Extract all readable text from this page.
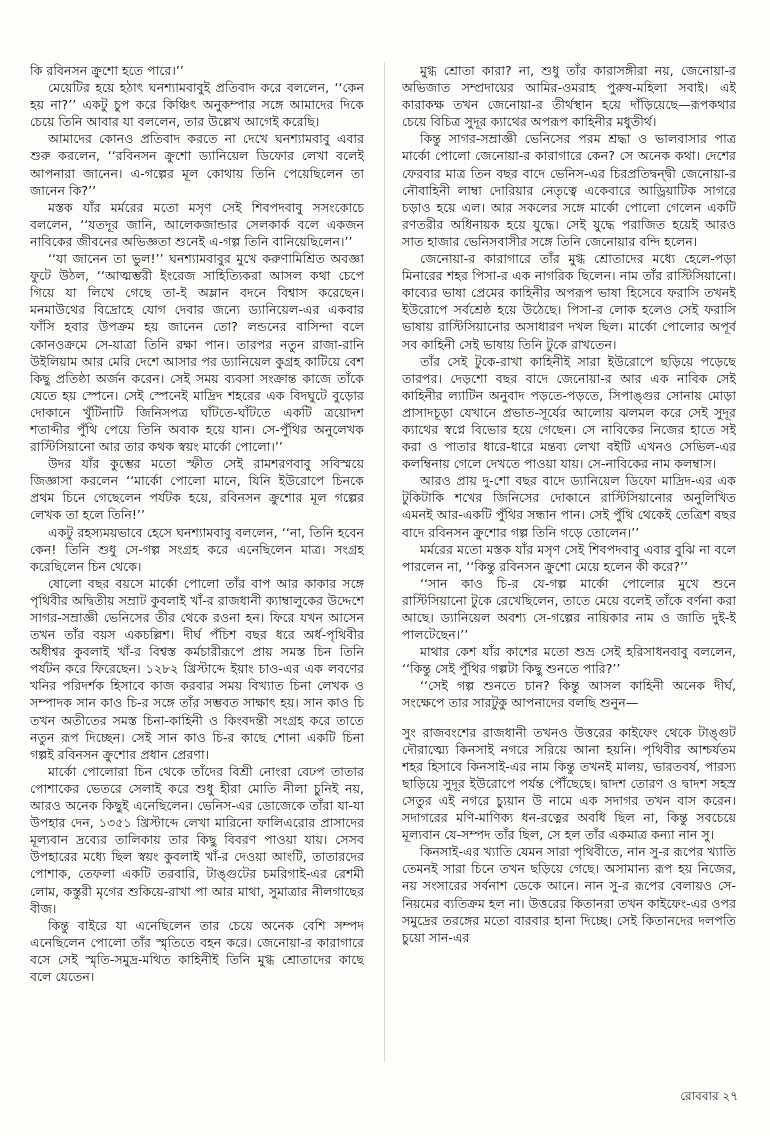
কি রবিনসন ক্রুশো হতে পারে।’’

মেয়েটির হয়ে হঠাৎ ঘনশ্যামবাবুই প্রতিবাদ করে বললেন, ‘‘কেন হয় না?’’ একটু চুপ করে কিঞ্চিৎ অনুকম্পার সঙ্গে আমাদের দিকে চেয়ে তিনি আবার যা বললেন, তার উল্লেখ আগেই করেছি।

আমাদের কোনও প্রতিবাদ করতে না দেখে ঘনশ্যামবাবু এবার শুরু করলেন, ‘‘রবিনসন ক্রুশো ড্যানিয়েল ডিফোর লেখা বলেই আপনারা জানেন। এ-গল্পের মূল কোথায় তিনি পেয়েছিলেন তা জানেন কি?’’

মস্তক যাঁর মর্মরের মতো মসৃণ সেই শিবপদবাবু সসংকোচে বললেন, ‘‘যতদূর জানি, আলেকজান্ডার সেলকার্ক বলে একজন নাবিকের জীবনের অভিজ্ঞতা শুনেই এ-গল্প তিনি বানিয়েছিলেন।’’

‘‘যা জানেন তা ভুল!’’ ঘনশ্যামবাবুর মুখে করুণামিশ্রিত অবজ্ঞা ফুটে উঠল, ‘‘আত্মম্ভরী ইংরেজ সাহিত্যিকরা আসল কথা চেপে গিয়ে যা লিখে গেছে তা-ই অম্লান বদনে বিশ্বাস করেছেন। মনমাউথের বিদ্রোহে যোগ দেবার জন্যে ড্যানিয়েল-এর একবার ফাঁসি হবার উপক্রম হয় জানেন তো? লন্ডনের বাসিন্দা বলে কোনওক্রমে সে-যাত্রা তিনি রক্ষা পান। তারপর নতুন রাজা-রানি উইলিয়াম আর মেরি দেশে আসার পর ড্যানিয়েল কুগ্রহ কাটিয়ে বেশ কিছু প্রতিষ্ঠা অর্জন করেন। সেই সময় ব্যবসা সংক্রান্ত কাজে তাঁকে যেতে হয় স্পেনে। সেই স্পেনেই মাদ্রিদ শহরের এক বিদঘুটে বুড়োর দোকানে খুঁটিনাটি জিনিসপত্র ঘাঁটতে-ঘাঁটতে একটি ত্রয়োদশ শতাব্দীর পুঁথি পেয়ে তিনি অবাক হয়ে যান। সে-পুঁথির অনুলেখক রাস্টিসিয়ানো আর তার কথক স্বয়ং মার্কো পোলো।’’

উদর যাঁর কুম্ভের মতো স্ফীত সেই রামশরণবাবু সবিস্ময়ে জিজ্ঞাসা করলেন ‘‘মার্কো পোলো মানে, যিনি ইউরোপে চিনকে প্রথম চিনে গেছেলেন পর্যটক হয়ে, রবিনসন ক্রুশোর মূল গল্পের লেখক তা হলে তিনি!’’

একটু রহস্যময়ভাবে হেসে ঘনশ্যামবাবু বললেন, ‘‘না, তিনি হবেন কেন! তিনি শুধু সে-গল্প সংগ্রহ করে এনেছিলেন মাত্র। সংগ্রহ করেছিলেন চিন থেকে।

ষোলো বছর বয়সে মার্কো পোলো তাঁর বাপ আর কাকার সঙ্গে পৃথিবীর অদ্বিতীয় সম্রাট কুবলাই খাঁ-র রাজধানী ক্যাম্বালুকের উদ্দেশে সাগর-সম্রাজ্ঞী ভেনিসের তীর থেকে রওনা হন। ফিরে যখন আসেন তখন তাঁর বয়স একচল্লিশ। দীর্ঘ পঁচিশ বছর ধরে অর্ধ-পৃথিবীর অধীশ্বর কুবলাই খাঁ-র বিশ্বস্ত কর্মচারীরূপে প্রায় সমস্ত চিন তিনি পর্যটন করে ফিরেছেন। ১২৮২ খ্রিস্টাব্দে ইয়াং চাও-এর এক লবণের খনির পরিদর্শক হিসাবে কাজ করবার সময় বিখ্যাত চিনা লেখক ও সম্পাদক সান কাও চি-র সঙ্গে তাঁর সম্ভবত সাক্ষাৎ হয়। সান কাও চি তখন অতীতের সমস্ত চিনা-কাহিনী ও কিংবদন্তী সংগ্রহ করে তাতে নতুন রূপ দিচ্ছেন। সেই সান কাও চি-র কাছে শোনা একটি চিনা গল্পই রবিনসন ক্রুশোর প্রধান প্রেরণা।

মার্কো পোলোরা চিন থেকে তাঁদের বিশ্রী নোংরা বেঢপ তাতার পোশাকের ভেতরে সেলাই করে শুধু হীরা মোতি নীলা চুনিই নয়, আরও অনেক কিছুই এনেছিলেন। ভেনিস-এর ডোজেকে তাঁরা যা-যা উপহার দেন, ১৩৫১ খ্রিস্টাব্দে লেখা মারিনো ফালিএরোর প্রাসাদের মূল্যবান দ্রব্যের তালিকায় তার কিছু বিবরণ পাওয়া যায়। সেসব উপহারের মধ্যে ছিল স্বয়ং কুবলাই খাঁ-র দেওয়া আংটি, তাতারদের পোশাক, তেফলা একটি তরবারি, টাঙ্গুটের চমরিগাই-এর রেশমী লোম, কস্তুরী মৃগের শুকিয়ে-রাখা পা আর মাথা, সুমাত্রার নীলগাছের বীজ।

কিন্তু বাইরে যা এনেছিলেন তার চেয়ে অনেক বেশি সম্পদ এনেছিলেন পোলো তাঁর স্মৃতিতে বহন করে। জেনোয়া-র কারাগারে বসে সেই স্মৃতি-সমুদ্র-মথিত কাহিনীই তিনি মুগ্ধ শ্রোতাদের কাছে বলে যেতেন।

মুগ্ধ শ্রোতা কারা? না, শুধু তাঁর কারাসঙ্গীরা নয়, জেনোয়া-র অভিজাত সম্প্রদায়ের আমির-ওমরাহ পুরুষ-মহিলা সবাই। এই কারাকক্ষ তখন জেনোয়া-র তীর্থস্থান হয়ে দাঁড়িয়েছে—রূপকথার চেয়ে বিচিত্র সুদূর ক্যাথের অপরূপ কাহিনীর মধুতীর্থ।

কিন্তু সাগর-সম্রাজ্ঞী ভেনিসের পরম শ্রদ্ধা ও ভালবাসার পাত্র মার্কো পোলো জেনোয়া-র কারাগারে কেন? সে অনেক কথা। দেশের ফেরবার মাত্র তিন বছর বাদে ভেনিস-এর চিরপ্রতিদ্বন্দ্বী জেনোয়া-র নৌবাহিনী লাম্বা দোরিয়ার নেতৃত্বে একেবারে আড্রিয়াটিক সাগরে চড়াও হয়ে এল। আর সকলের সঙ্গে মার্কো পোলো গেলেন একটি রণতরীর অধিনায়ক হয়ে যুদ্ধে। সেই যুদ্ধে পরাজিত হয়েই আরও সাত হাজার ভেনিসবাসীর সঙ্গে তিনি জেনোয়ার বন্দি হলেন।

জেনোয়া-র কারাগারে তাঁর মুগ্ধ শ্রোতাদের মধ্যে হেলে-পড়া মিনারের শহর পিসা-র এক নাগরিক ছিলেন। নাম তাঁর রাস্টিসিয়ানো। কাব্যের ভাষা প্রেমের কাহিনীর অপরূপ ভাষা হিসেবে ফরাসি তখনই ইউরোপে সর্বশ্রেষ্ঠ হয়ে উঠেছে। পিসা-র লোক হলেও সেই ফরাসি ভাষায় রাস্টিসিয়ানোর অসাধারণ দখল ছিল। মার্কো পোলোর অপূর্ব সব কাহিনী সেই ভাষায় তিনি টুকে রাখতেন।

তাঁর সেই টুকে-রাখা কাহিনীই সারা ইউরোপে ছড়িয়ে পড়েছে তারপর। দেড়শো বছর বাদে জেনোয়া-র আর এক নাবিক সেই কাহিনীর ল্যাটিন অনুবাদ পড়তে-পড়তে, সিপাঙ্গুর সোনায় মোড়া প্রাসাদচূড়া যেখানে প্রভাত-সূর্যের আলোয় ঝলমল করে সেই সুদূর ক্যাথের স্বপ্নে বিভোর হয়ে গেছেন। সে নাবিকের নিজের হাতে সই করা ও পাতার ধারে-ধারে মন্তব্য লেখা বইটি এখনও সেভিল-এর কলম্বিনায় গেলে দেখতে পাওয়া যায়। সে-নাবিকের নাম কলম্বাস।

আরও প্রায় দু-শো বছর বাদে ড্যানিয়েল ডিফো মাদ্রিদ-এর এক টুকিটাকি শখের জিনিসের দোকানে রাস্টিসিয়ানোর অনুলিখিত এমনই আর-একটি পুঁথির সন্ধান পান। সেই পুঁথি থেকেই তেত্রিশ বছর বাদে রবিনসন ক্রুশোর গল্প তিনি গড়ে তোলেন।’’

মর্মরের মতো মস্তক যাঁর মসৃণ সেই শিবপদবাবু এবার বুঝি না বলে পারলেন না, ‘‘কিন্তু রবিনসন ক্রুশো মেয়ে হলেন কী করে?’’

‘‘সান কাও চি-র যে-গল্প মার্কো পোলোর মুখে শুনে রাস্টিসিয়ানো টুকে রেখেছিলেন, তাতে মেয়ে বলেই তাঁকে বর্ণনা করা আছে। ড্যানিয়েল অবশ্য সে-গল্পের নায়িকার নাম ও জাতি দুই-ই পালটেছেন।’’

মাথার কেশ যাঁর কাশের মতো শুভ্র সেই হরিসাধনবাবু বললেন, ‘‘কিন্তু সেই পুঁথির গল্পটা কিছু শুনতে পারি?’’

‘‘সেই গল্প শুনতে চান? কিন্তু আসল কাহিনী অনেক দীর্ঘ, সংক্ষেপে তার সারটুকু আপনাদের বলছি শুনুন—

সুং রাজবংশের রাজধানী তখনও উত্তরের কাইফেং থেকে টাঙ্গুট দৌরাত্ম্যে কিনসাই নগরে সরিয়ে আনা হয়নি। পৃথিবীর আশ্চর্যতম শহর হিসাবে কিনসাই-এর নাম কিন্তু তখনই মালয়, ভারতবর্ষ, পারস্য ছাড়িয়ে সুদূর ইউরোপে পর্যন্ত পৌঁছেছে। দ্বাদশ তোরণ ও দ্বাদশ সহস্র সেতুর এই নগরে চ্যুয়ান উ নামে এক সদাগর তখন বাস করেন। সদাগরের মণি-মাণিক্য ধন-রত্নের অবধি ছিল না, কিন্তু সবচেয়ে মূল্যবান যে-সম্পদ তাঁর ছিল, সে হল তাঁর একমাত্র কন্যা নান সু।

কিনসাই-এর খ্যাতি যেমন সারা পৃথিবীতে, নান সু-র রূপের খ্যাতি তেমনই সারা চিনে তখন ছড়িয়ে গেছে। অসামান্য রূপ হয় নিজের, নয় সংসারের সর্বনাশ ডেকে আনে। নান সু-র রূপের বেলায়ও সে-নিয়মের ব্যতিক্রম হল না। উত্তরের কিতানরা তখন কাইফেং-এর ওপর সমুদ্রের তরঙ্গের মতো বারবার হানা দিচ্ছে। সেই কিতানদের দলপতি চুয়ো সান-এর

রোববার ২৭
